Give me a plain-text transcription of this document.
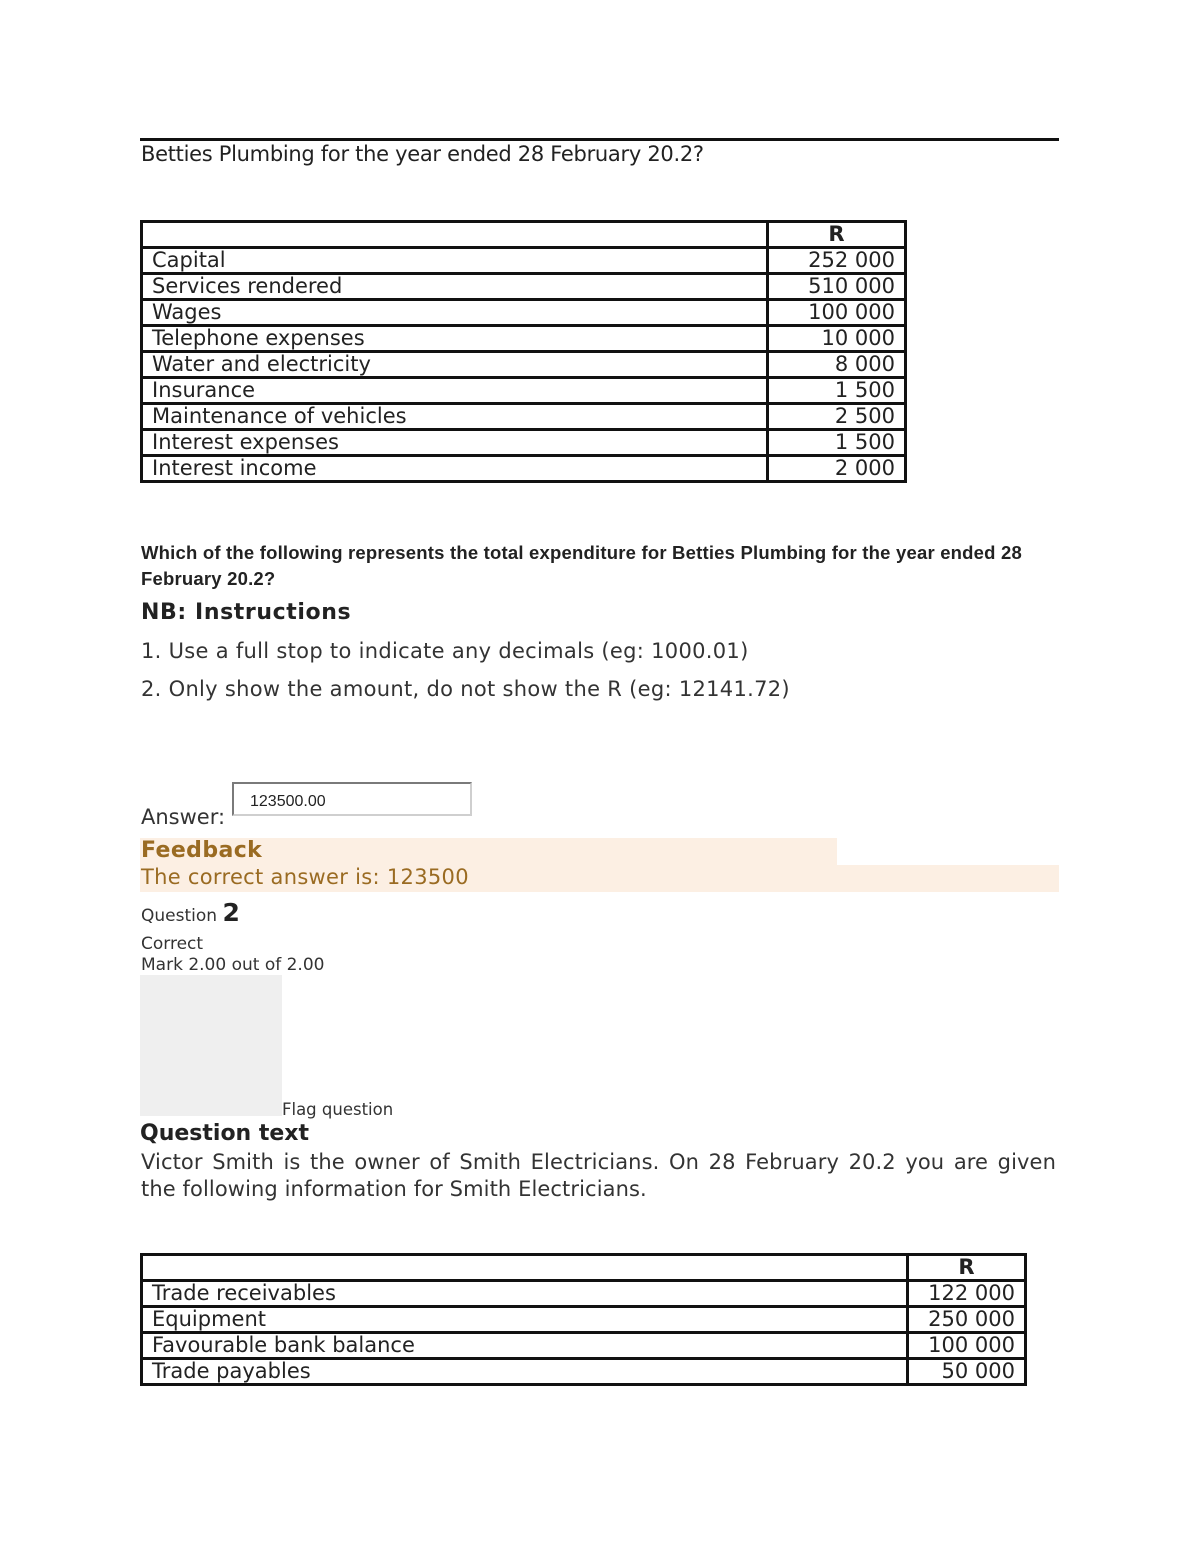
Betties Plumbing for the year ended 28 February 20.2?
	R
Capital	252 000
Services rendered	510 000
Wages	100 000
Telephone expenses	10 000
Water and electricity	8 000
Insurance	1 500
Maintenance of vehicles	2 500
Interest expenses	1 500
Interest income	2 000
Which of the following represents the total expenditure for Betties Plumbing for the year ended 28 February 20.2?
NB: Instructions
1. Use a full stop to indicate any decimals (eg: 1000.01)
2. Only show the amount, do not show the R (eg: 12141.72)
Answer:
123500.00
Feedback
The correct answer is: 123500
Question 2
Correct
Mark 2.00 out of 2.00
Flag question
Question text
Victor Smith is the owner of Smith Electricians. On 28 February 20.2 you are given the following information for Smith Electricians.
	R
Trade receivables	122 000
Equipment	250 000
Favourable bank balance	100 000
Trade payables	50 000
